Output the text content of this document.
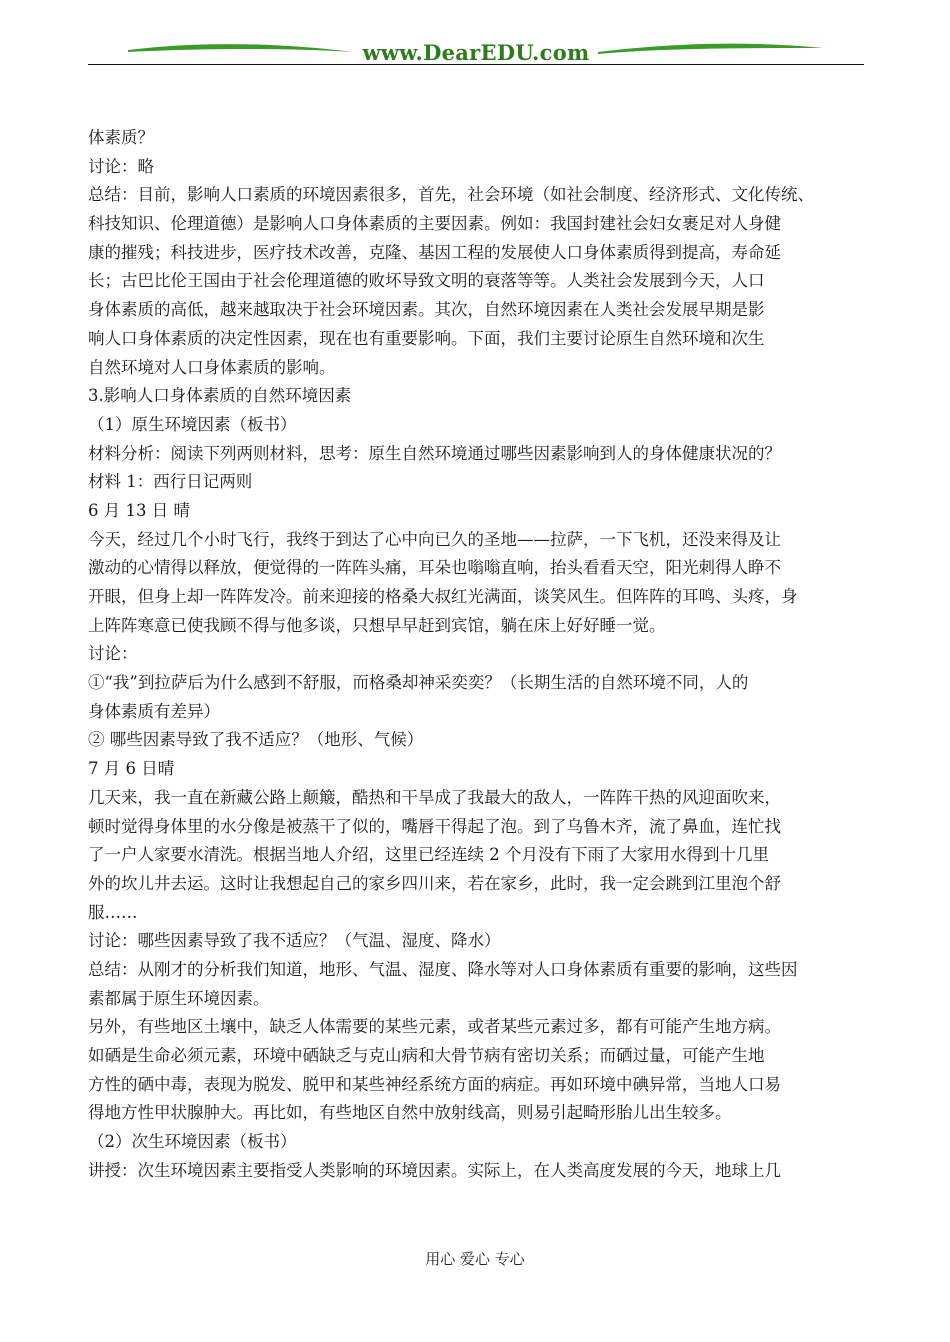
www.DearEDU.com
体素质？
讨论：略
总结：目前，影响人口素质的环境因素很多，首先，社会环境（如社会制度、经济形式、文化传统、
科技知识、伦理道德）是影响人口身体素质的主要因素。例如：我国封建社会妇女裹足对人身健
康的摧残；科技进步，医疗技术改善，克隆、基因工程的发展使人口身体素质得到提高，寿命延
长；古巴比伦王国由于社会伦理道德的败坏导致文明的衰落等等。人类社会发展到今天，人口
身体素质的高低，越来越取决于社会环境因素。其次，自然环境因素在人类社会发展早期是影
响人口身体素质的决定性因素，现在也有重要影响。下面，我们主要讨论原生自然环境和次生
自然环境对人口身体素质的影响。
3.影响人口身体素质的自然环境因素
（1）原生环境因素（板书）
材料分析：阅读下列两则材料，思考：原生自然环境通过哪些因素影响到人的身体健康状况的？
材料 1：西行日记两则
6 月 13 日 晴
今天，经过几个小时飞行，我终于到达了心中向已久的圣地——拉萨，一下飞机，还没来得及让
激动的心情得以释放，便觉得的一阵阵头痛，耳朵也嗡嗡直响，抬头看看天空，阳光刺得人睁不
开眼，但身上却一阵阵发冷。前来迎接的格桑大叔红光满面，谈笑风生。但阵阵的耳鸣、头疼，身
上阵阵寒意已使我顾不得与他多谈，只想早早赶到宾馆，躺在床上好好睡一觉。
讨论：
①“我”到拉萨后为什么感到不舒服，而格桑却神采奕奕？（长期生活的自然环境不同，人的
身体素质有差异）
② 哪些因素导致了我不适应？（地形、气候）
7 月 6 日晴
几天来，我一直在新藏公路上颠簸，酷热和干旱成了我最大的敌人，一阵阵干热的风迎面吹来，
顿时觉得身体里的水分像是被蒸干了似的，嘴唇干得起了泡。到了乌鲁木齐，流了鼻血，连忙找
了一户人家要水清洗。根据当地人介绍，这里已经连续 2 个月没有下雨了大家用水得到十几里
外的坎儿井去运。这时让我想起自己的家乡四川来，若在家乡，此时，我一定会跳到江里泡个舒
服……
讨论：哪些因素导致了我不适应？（气温、湿度、降水）
总结：从刚才的分析我们知道，地形、气温、湿度、降水等对人口身体素质有重要的影响，这些因
素都属于原生环境因素。
另外，有些地区土壤中，缺乏人体需要的某些元素，或者某些元素过多，都有可能产生地方病。
如硒是生命必须元素，环境中硒缺乏与克山病和大骨节病有密切关系；而硒过量，可能产生地
方性的硒中毒，表现为脱发、脱甲和某些神经系统方面的病症。再如环境中碘异常，当地人口易
得地方性甲状腺肿大。再比如，有些地区自然中放射线高，则易引起畸形胎儿出生较多。
（2）次生环境因素（板书）
讲授：次生环境因素主要指受人类影响的环境因素。实际上，在人类高度发展的今天，地球上几
用心 爱心 专心
